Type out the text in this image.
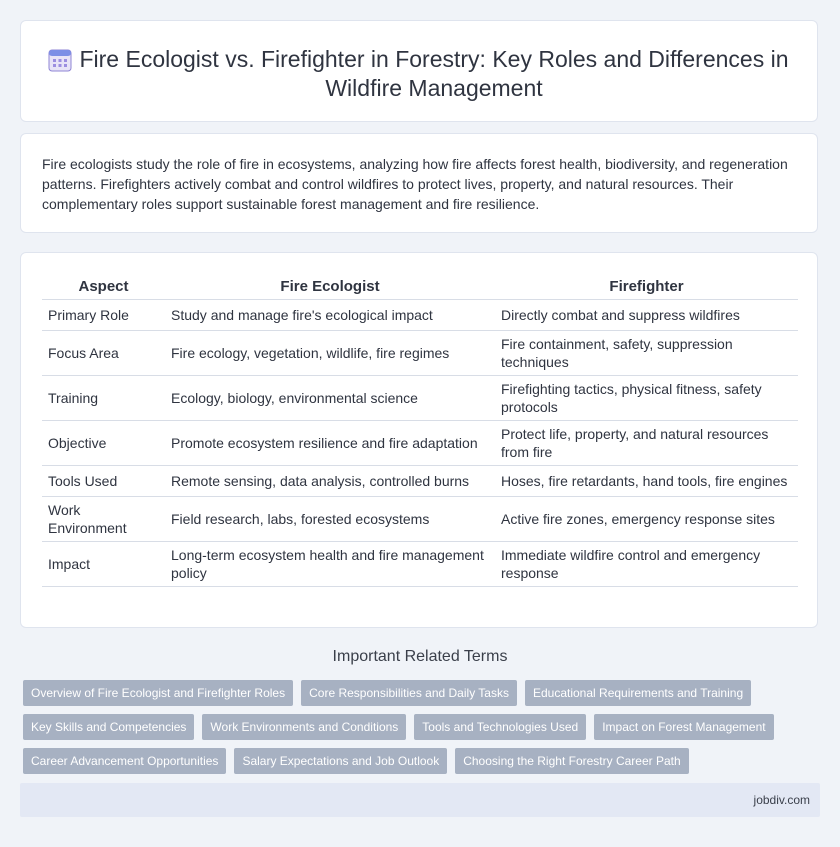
Fire Ecologist vs. Firefighter in Forestry: Key Roles and Differences in Wildfire Management

Fire ecologists study the role of fire in ecosystems, analyzing how fire affects forest health, biodiversity, and regeneration patterns. Firefighters actively combat and control wildfires to protect lives, property, and natural resources. Their complementary roles support sustainable forest management and fire resilience.

Aspect	Fire Ecologist	Firefighter
Primary Role	Study and manage fire's ecological impact	Directly combat and suppress wildfires
Focus Area	Fire ecology, vegetation, wildlife, fire regimes	Fire containment, safety, suppression techniques
Training	Ecology, biology, environmental science	Firefighting tactics, physical fitness, safety protocols
Objective	Promote ecosystem resilience and fire adaptation	Protect life, property, and natural resources from fire
Tools Used	Remote sensing, data analysis, controlled burns	Hoses, fire retardants, hand tools, fire engines
Work Environment	Field research, labs, forested ecosystems	Active fire zones, emergency response sites
Impact	Long-term ecosystem health and fire management policy	Immediate wildfire control and emergency response
Important Related Terms
Overview of Fire Ecologist and Firefighter Roles Core Responsibilities and Daily Tasks Educational Requirements and Training
Key Skills and Competencies Work Environments and Conditions Tools and Technologies Used Impact on Forest Management
Career Advancement Opportunities Salary Expectations and Job Outlook Choosing the Right Forestry Career Path
jobdiv.com
